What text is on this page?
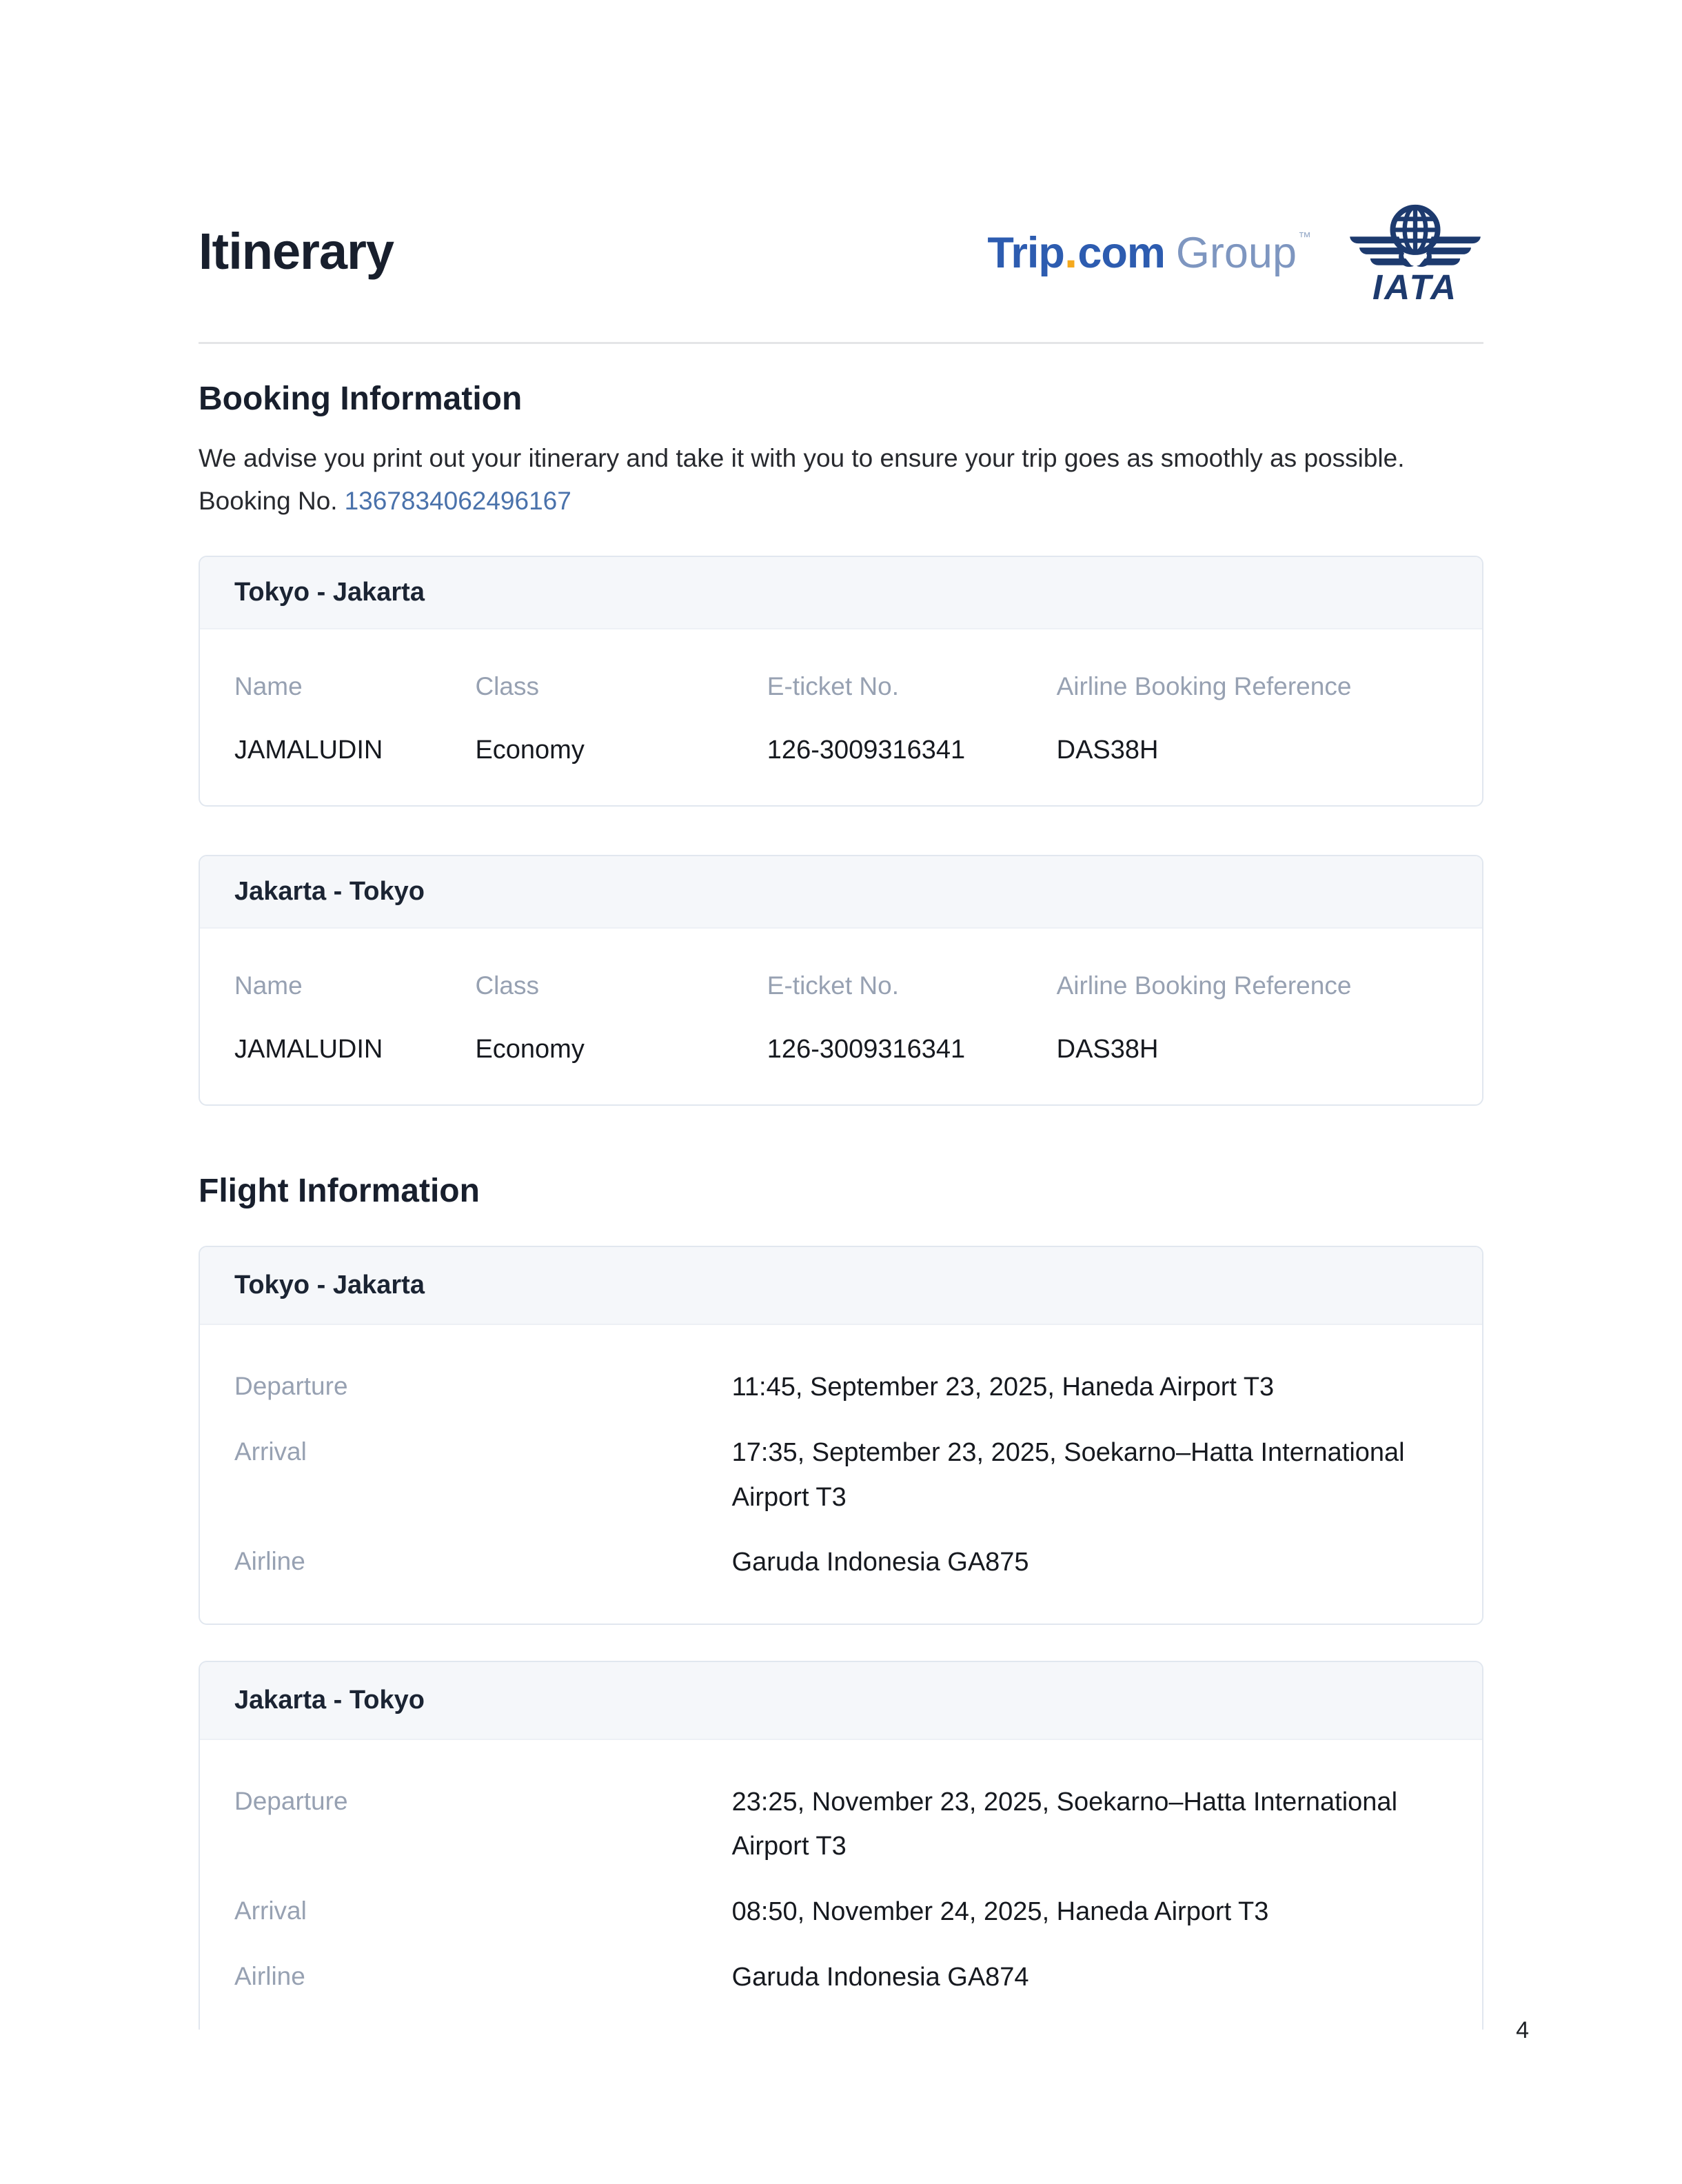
Itinerary	Trip . com Group ™
IATA
Booking Information

We advise you print out your itinerary and take it with you to ensure your trip goes as smoothly as possible.

Booking No. 1367834062496167

Tokyo - Jakarta
Name	Class	E-ticket No.	Airline Booking Reference
JAMALUDIN	Economy	126-3009316341	DAS38H
Jakarta - Tokyo
Name	Class	E-ticket No.	Airline Booking Reference
JAMALUDIN	Economy	126-3009316341	DAS38H
Flight Information
Tokyo - Jakarta
Departure	11:45, September 23, 2025, Haneda Airport T3
Arrival	17:35, September 23, 2025, Soekarno–Hatta International Airport T3
Airline	Garuda Indonesia GA875
Jakarta - Tokyo
Departure	23:25, November 23, 2025, Soekarno–Hatta International Airport T3
Arrival	08:50, November 24, 2025, Haneda Airport T3
Airline	Garuda Indonesia GA874
4
